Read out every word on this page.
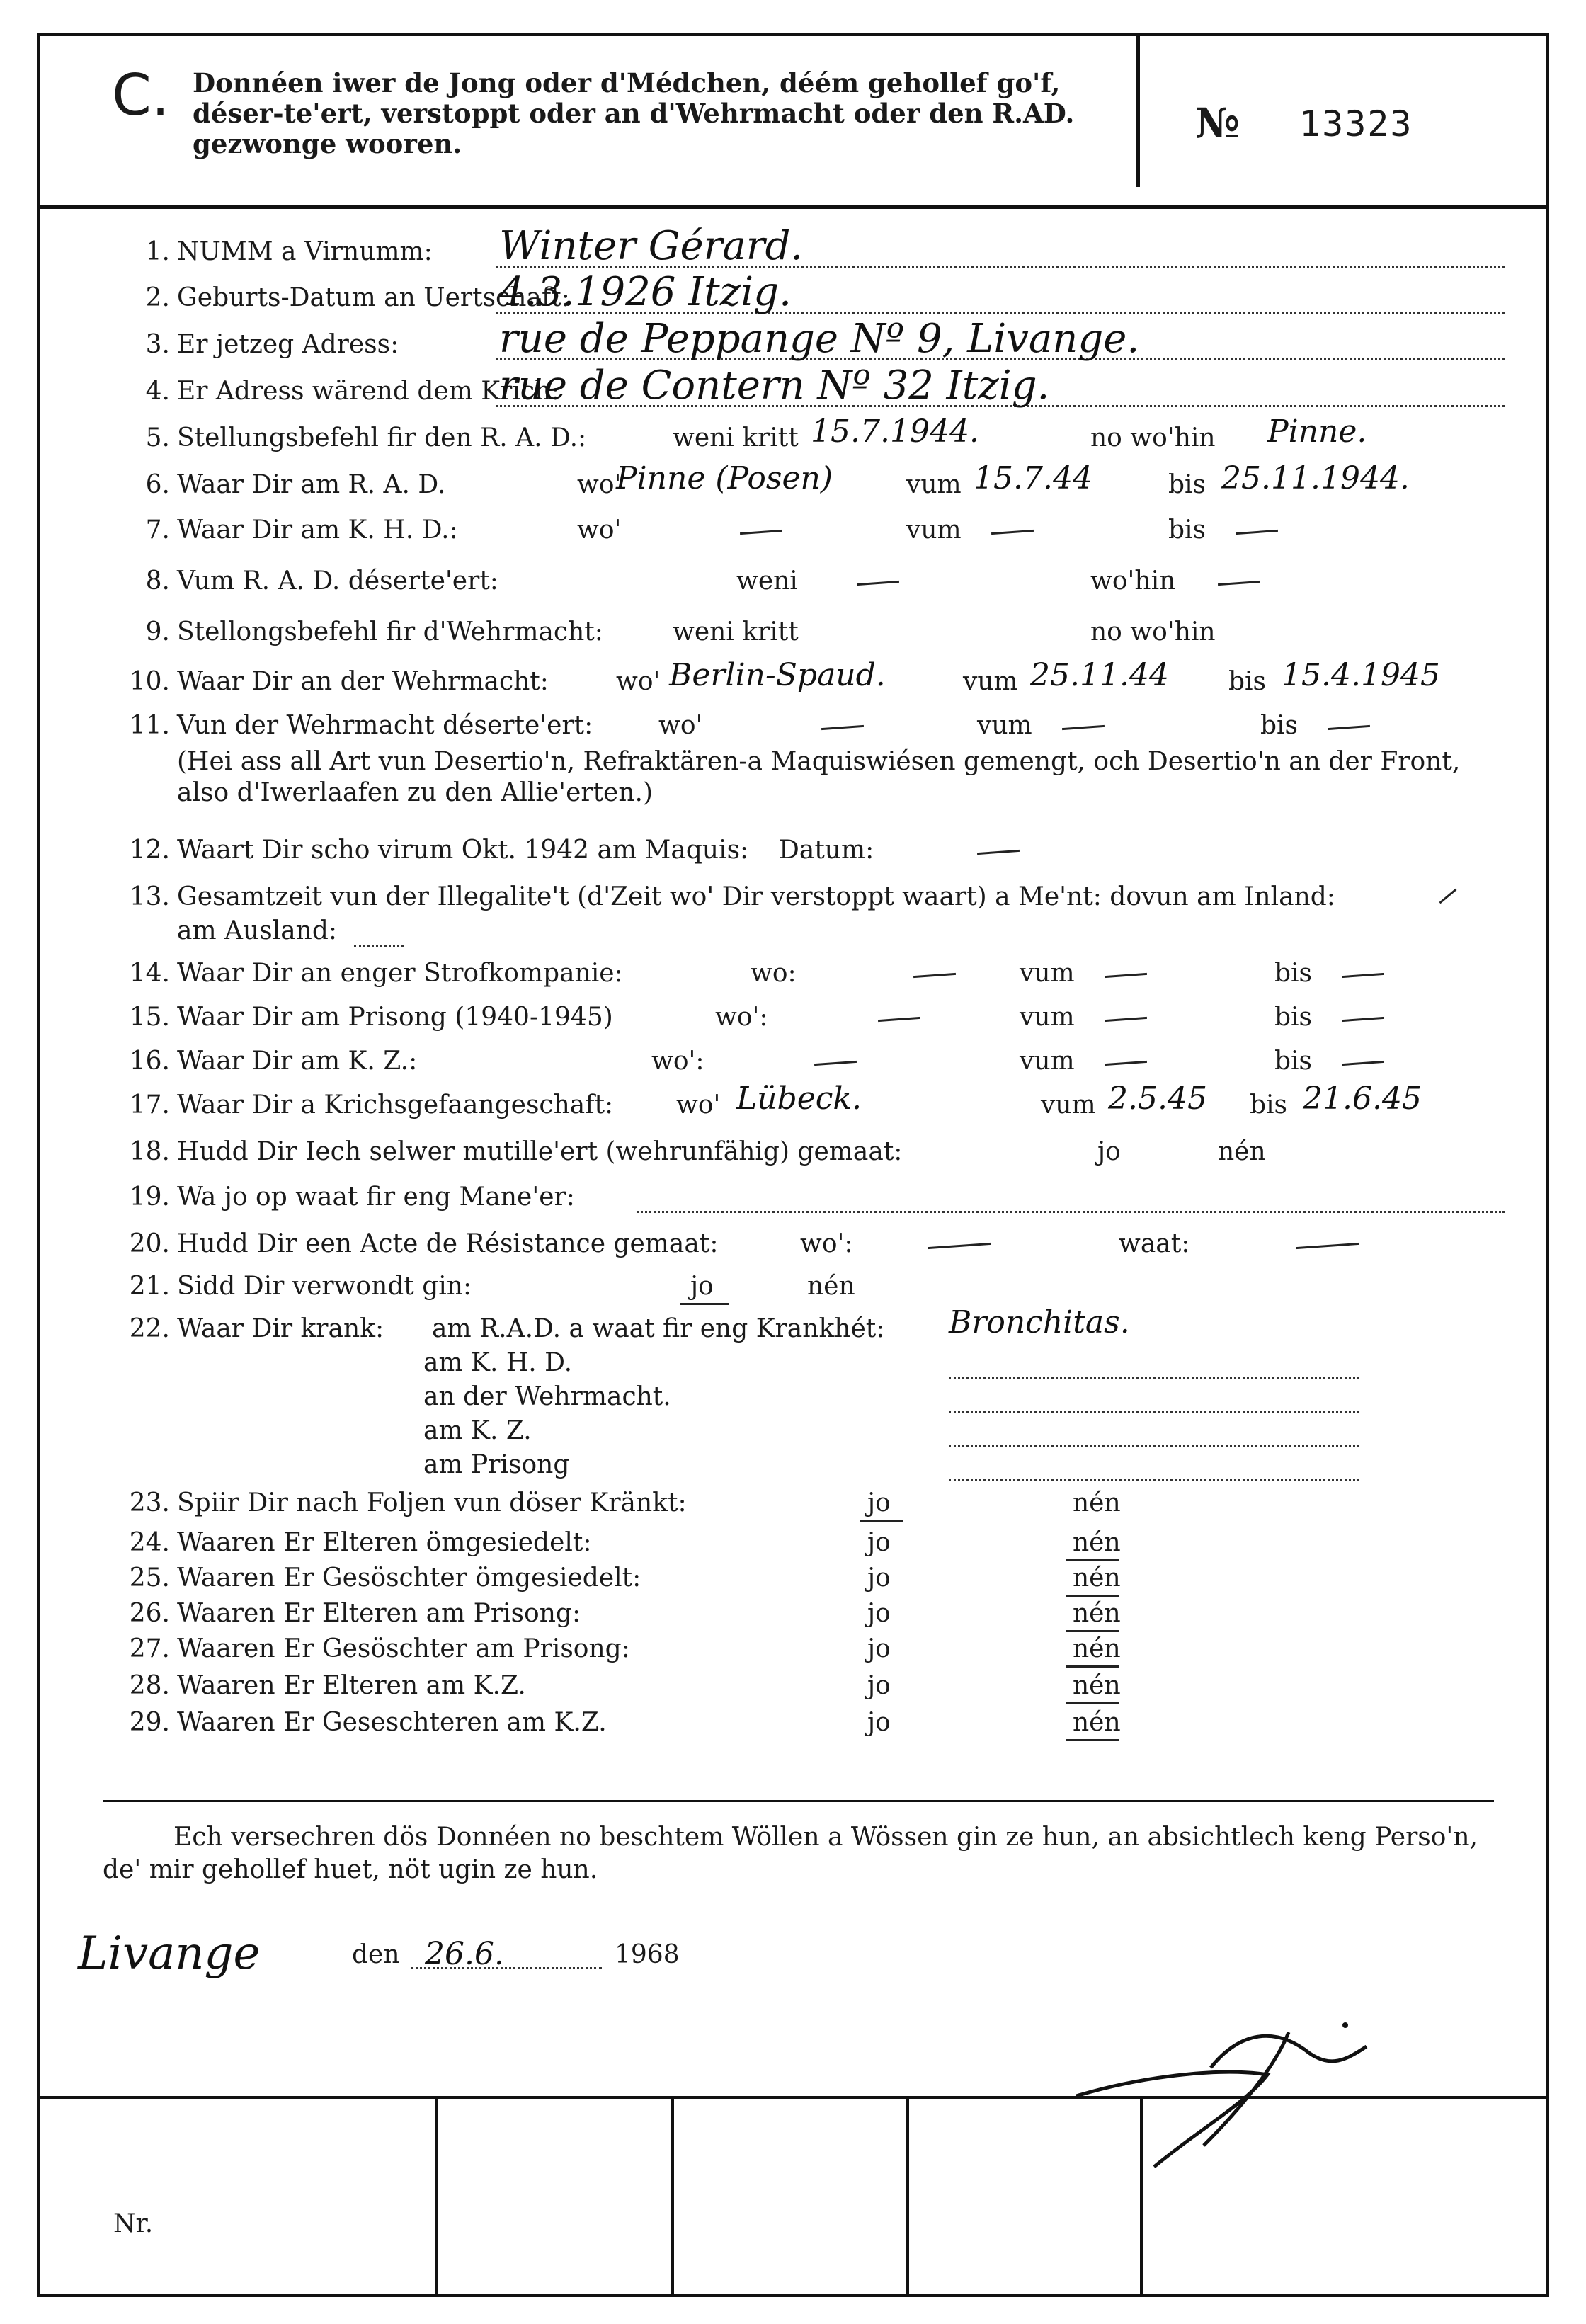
C. Donnéen iwer de Jong oder d'Médchen, déém gehollef go'f, déser-te'ert, verstoppt oder an d'Wehrmacht oder den R.AD. gezwonge wooren.	№ 13323
1. NUMM a Virnumm: Winter Gérard.
2. Geburts-Datum an Uertschaft:
4.3.1926 Itzig.
3. Er jetzeg Adress:	rue de Peppange Nº 9, Livange.
4. Er Adress wärend dem Krich:
rue de Contern Nº 32 Itzig.
5. Stellungsbefehl fir den R. A. D.:	weni kritt	no wo'hin
15.7.1944.	Pinne.
6. Waar Dir am R. A. D.	wo'	vum	bis
Pinne (Posen)	15.7.44	25.11.1944.
7. Waar Dir am K. H. D.:	wo'	vum	bis
8. Vum R. A. D. déserte'ert:	weni	wo'hin
9. Stellongsbefehl fir d'Wehrmacht:	weni kritt	no wo'hin
10. Waar Dir an der Wehrmacht:	wo'	vum	bis
Berlin-Spaud.	25.11.44	15.4.1945
11. Vun der Wehrmacht déserte'ert:	wo'	vum	bis
(Hei ass all Art vun Desertio'n, Refraktären-a Maquiswiésen gemengt, och Desertio'n an der Front, also d'Iwerlaafen zu den Allie'erten.)
12. Waart Dir scho virum Okt. 1942 am Maquis: Datum:
13. Gesamtzeit vun der Illegalite't (d'Zeit wo' Dir verstoppt waart) a Me'nt: dovun am Inland:
am Ausland:
14. Waar Dir an enger Strofkompanie:	wo:	vum	bis
15. Waar Dir am Prisong (1940-1945)	wo':	vum	bis
16. Waar Dir am K. Z.:	wo':	vum	bis
17. Waar Dir a Krichsgefaangeschaft: wo'	vum	bis
Lübeck.	2.5.45	21.6.45
18. Hudd Dir Iech selwer mutille'ert (wehrunfähig) gemaat:	jo	nén
19. Wa jo op waat fir eng Mane'er:
20. Hudd Dir een Acte de Résistance gemaat:	wo':	waat:
21. Sidd Dir verwondt gin:	jo	nén
22. Waar Dir krank: am R.A.D. a waat fir eng Krankhét: Bronchitas.
am K. H. D.
an der Wehrmacht.
am K. Z.
am Prisong
23. Spiir Dir nach Foljen vun döser Kränkt:	jo	nén
24. Waaren Er Elteren ömgesiedelt:	jo	nén
25. Waaren Er Gesöschter ömgesiedelt:	jo	nén
26. Waaren Er Elteren am Prisong:	jo	nén
27. Waaren Er Gesöschter am Prisong:	jo	nén
28. Waaren Er Elteren am K.Z.	jo	nén
29. Waaren Er Geseschteren am K.Z.	jo	nén
Ech versechren dös Donnéen no beschtem Wöllen a Wössen gin ze hun, an absichtlech keng Perso'n, de' mir gehollef huet, nöt ugin ze hun.
Livange	den 26.6.	1968
Nr.
